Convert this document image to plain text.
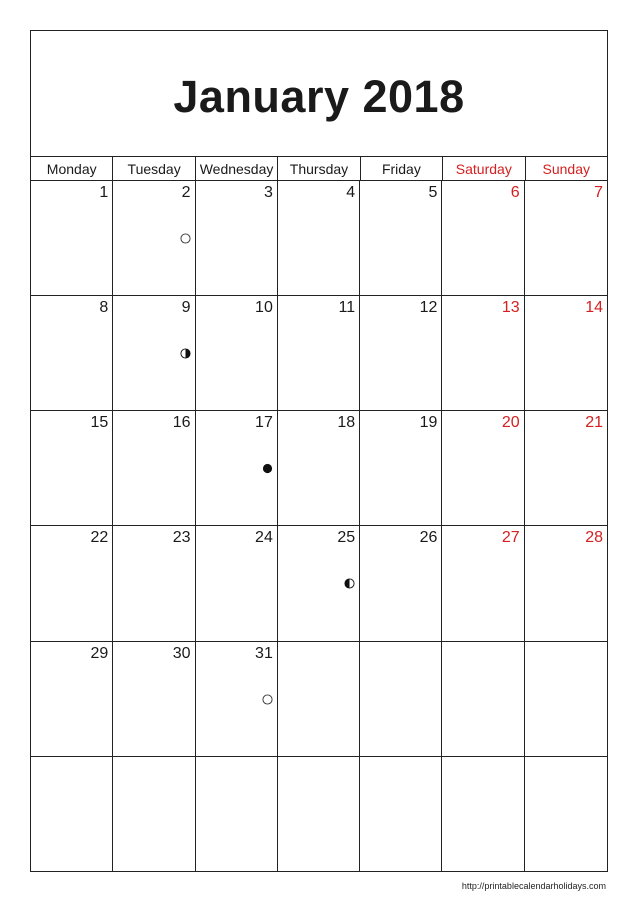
January 2018
Monday	Tuesday	Wednesday	Thursday	Friday	Saturday	Sunday
1	2	3	4	5	6	7
8	9	10	11	12	13	14
15	16	17	18	19	20	21
22	23	24	25	26	27	28
29	30	31
http://printablecalendarholidays.com
